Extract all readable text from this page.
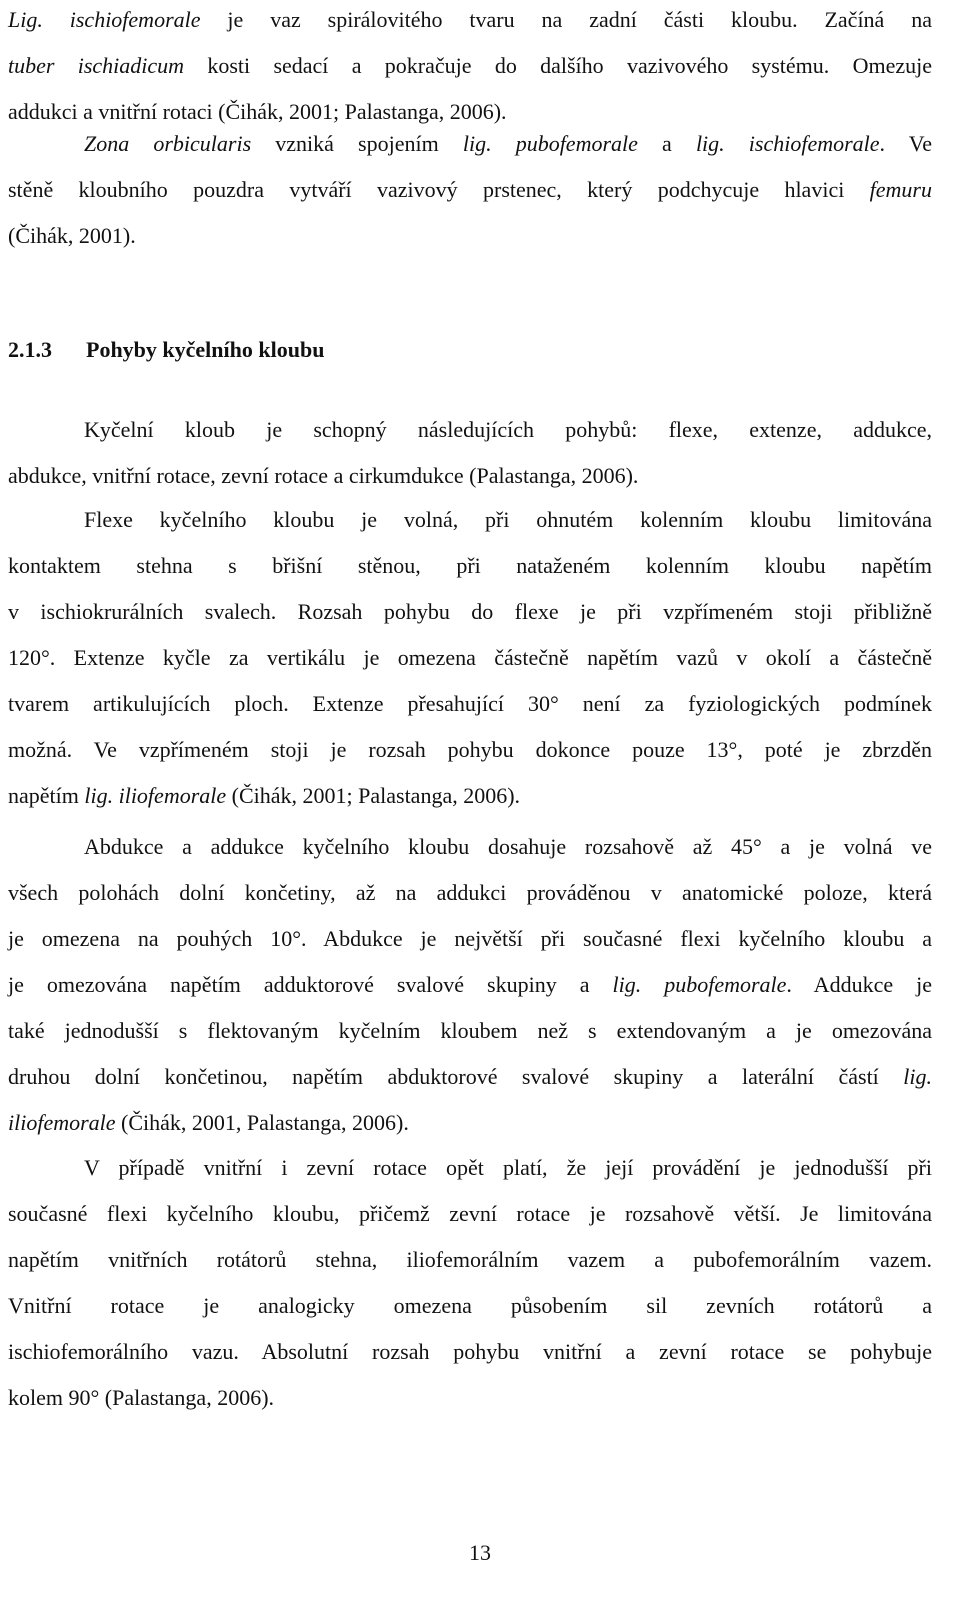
Lig. ischiofemorale je vaz spirálovitého tvaru na zadní části kloubu. Začíná na
tuber ischiadicum kosti sedací a pokračuje do dalšího vazivového systému. Omezuje
addukci a vnitřní rotaci (Čihák, 2001; Palastanga, 2006).

Zona orbicularis vzniká spojením lig. pubofemorale a lig. ischiofemorale. Ve
stěně kloubního pouzdra vytváří vazivový prstenec, který podchycuje hlavici femuru
(Čihák, 2001).

2.1.3 Pohyby kyčelního kloubu

Kyčelní kloub je schopný následujících pohybů: flexe, extenze, addukce,
abdukce, vnitřní rotace, zevní rotace a cirkumdukce (Palastanga, 2006).

Flexe kyčelního kloubu je volná, při ohnutém kolenním kloubu limitována
kontaktem stehna s břišní stěnou, při nataženém kolenním kloubu napětím
v ischiokrurálních svalech. Rozsah pohybu do flexe je při vzpřímeném stoji přibližně
120°. Extenze kyčle za vertikálu je omezena částečně napětím vazů v okolí a částečně
tvarem artikulujících ploch. Extenze přesahující 30° není za fyziologických podmínek
možná. Ve vzpřímeném stoji je rozsah pohybu dokonce pouze 13°, poté je zbrzděn
napětím lig. iliofemorale (Čihák, 2001; Palastanga, 2006).

Abdukce a addukce kyčelního kloubu dosahuje rozsahově až 45° a je volná ve
všech polohách dolní končetiny, až na addukci prováděnou v anatomické poloze, která
je omezena na pouhých 10°. Abdukce je největší při současné flexi kyčelního kloubu a
je omezována napětím adduktorové svalové skupiny a lig. pubofemorale. Addukce je
také jednodušší s flektovaným kyčelním kloubem než s extendovaným a je omezována
druhou dolní končetinou, napětím abduktorové svalové skupiny a laterální částí lig.
iliofemorale (Čihák, 2001, Palastanga, 2006).

V případě vnitřní i zevní rotace opět platí, že její provádění je jednodušší při
současné flexi kyčelního kloubu, přičemž zevní rotace je rozsahově větší. Je limitována
napětím vnitřních rotátorů stehna, iliofemorálním vazem a pubofemorálním vazem.
Vnitřní rotace je analogicky omezena působením sil zevních rotátorů a
ischiofemorálního vazu. Absolutní rozsah pohybu vnitřní a zevní rotace se pohybuje
kolem 90° (Palastanga, 2006).

13
